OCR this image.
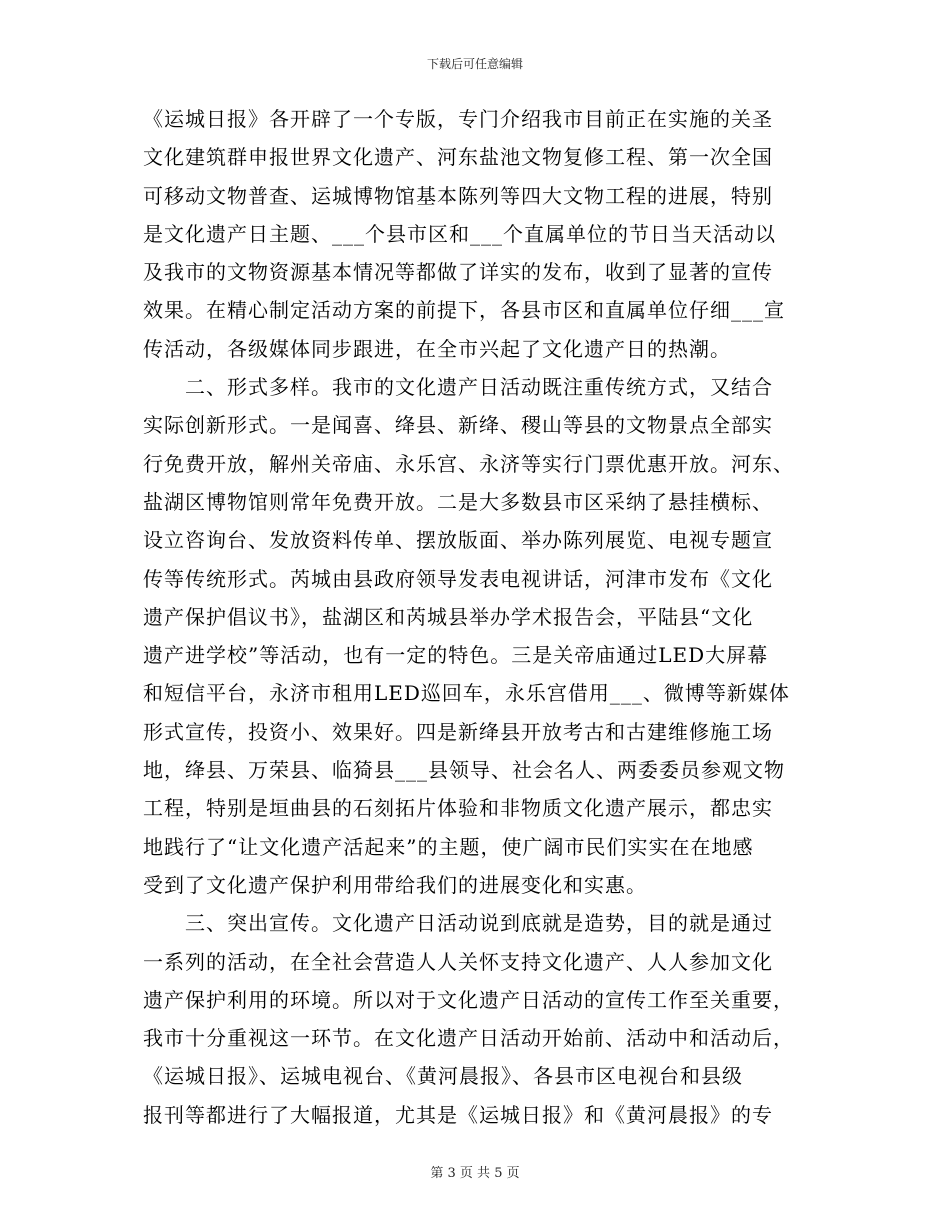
下载后可任意编辑
《运城日报》各开辟了一个专版，专门介绍我市目前正在实施的关圣
文化建筑群申报世界文化遗产、河东盐池文物复修工程、第一次全国
可移动文物普查、运城博物馆基本陈列等四大文物工程的进展，特别
是文化遗产日主题、___个县市区和___个直属单位的节日当天活动以
及我市的文物资源基本情况等都做了详实的发布，收到了显著的宣传
效果。在精心制定活动方案的前提下，各县市区和直属单位仔细___宣
传活动，各级媒体同步跟进，在全市兴起了文化遗产日的热潮。
　　二、形式多样。我市的文化遗产日活动既注重传统方式，又结合
实际创新形式。一是闻喜、绛县、新绛、稷山等县的文物景点全部实
行免费开放，解州关帝庙、永乐宫、永济等实行门票优惠开放。河东、
盐湖区博物馆则常年免费开放。二是大多数县市区采纳了悬挂横标、
设立咨询台、发放资料传单、摆放版面、举办陈列展览、电视专题宣
传等传统形式。芮城由县政府领导发表电视讲话，河津市发布《文化
遗产保护倡议书》，盐湖区和芮城县举办学术报告会，平陆县“文化
遗产进学校”等活动，也有一定的特色。三是关帝庙通过LED大屏幕
和短信平台，永济市租用LED巡回车，永乐宫借用___、微博等新媒体
形式宣传，投资小、效果好。四是新绛县开放考古和古建维修施工场
地，绛县、万荣县、临猗县___县领导、社会名人、两委委员参观文物
工程，特别是垣曲县的石刻拓片体验和非物质文化遗产展示，都忠实
地践行了“让文化遗产活起来”的主题，使广阔市民们实实在在地感
受到了文化遗产保护利用带给我们的进展变化和实惠。
　　三、突出宣传。文化遗产日活动说到底就是造势，目的就是通过
一系列的活动，在全社会营造人人关怀支持文化遗产、人人参加文化
遗产保护利用的环境。所以对于文化遗产日活动的宣传工作至关重要，
我市十分重视这一环节。在文化遗产日活动开始前、活动中和活动后，
《运城日报》、运城电视台、《黄河晨报》、各县市区电视台和县级
报刊等都进行了大幅报道，尤其是《运城日报》和《黄河晨报》的专
第 3 页 共 5 页
